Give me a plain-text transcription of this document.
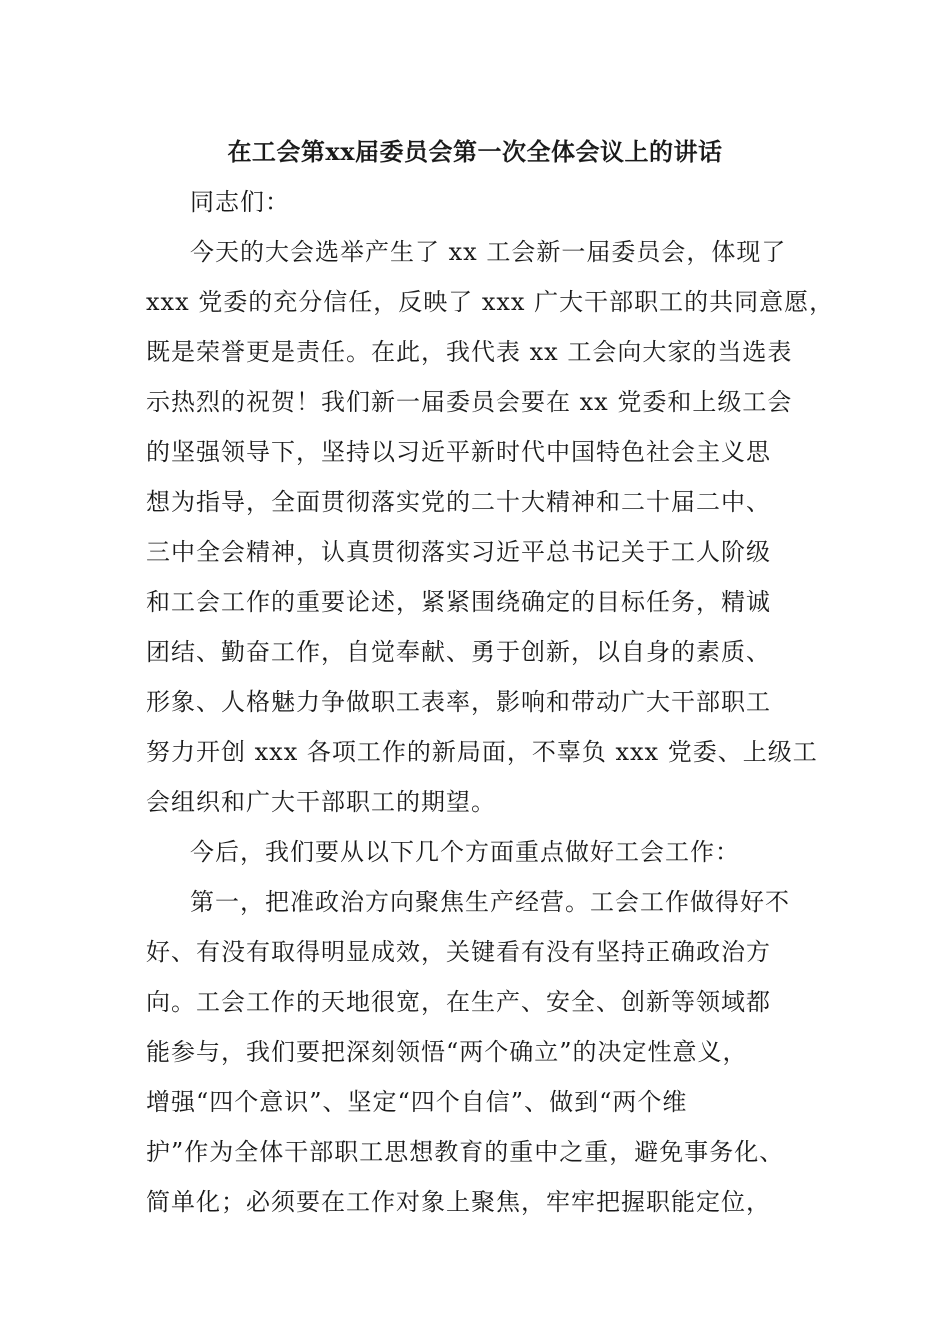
在工会第xx届委员会第一次全体会议上的讲话
同志们：
今天的大会选举产生了 xx 工会新一届委员会，体现了
xxx 党委的充分信任，反映了 xxx 广大干部职工的共同意愿，
既是荣誉更是责任。在此，我代表 xx 工会向大家的当选表
示热烈的祝贺！我们新一届委员会要在 xx 党委和上级工会
的坚强领导下，坚持以习近平新时代中国特色社会主义思
想为指导，全面贯彻落实党的二十大精神和二十届二中、
三中全会精神，认真贯彻落实习近平总书记关于工人阶级
和工会工作的重要论述，紧紧围绕确定的目标任务，精诚
团结、勤奋工作，自觉奉献、勇于创新，以自身的素质、
形象、人格魅力争做职工表率，影响和带动广大干部职工
努力开创 xxx 各项工作的新局面，不辜负 xxx 党委、上级工
会组织和广大干部职工的期望。
今后，我们要从以下几个方面重点做好工会工作：
第一，把准政治方向聚焦生产经营。工会工作做得好不
好、有没有取得明显成效，关键看有没有坚持正确政治方
向。工会工作的天地很宽，在生产、安全、创新等领域都
能参与，我们要把深刻领悟“两个确立”的决定性意义，
增强“四个意识”、坚定“四个自信”、做到“两个维
护”作为全体干部职工思想教育的重中之重，避免事务化、
简单化；必须要在工作对象上聚焦，牢牢把握职能定位，
